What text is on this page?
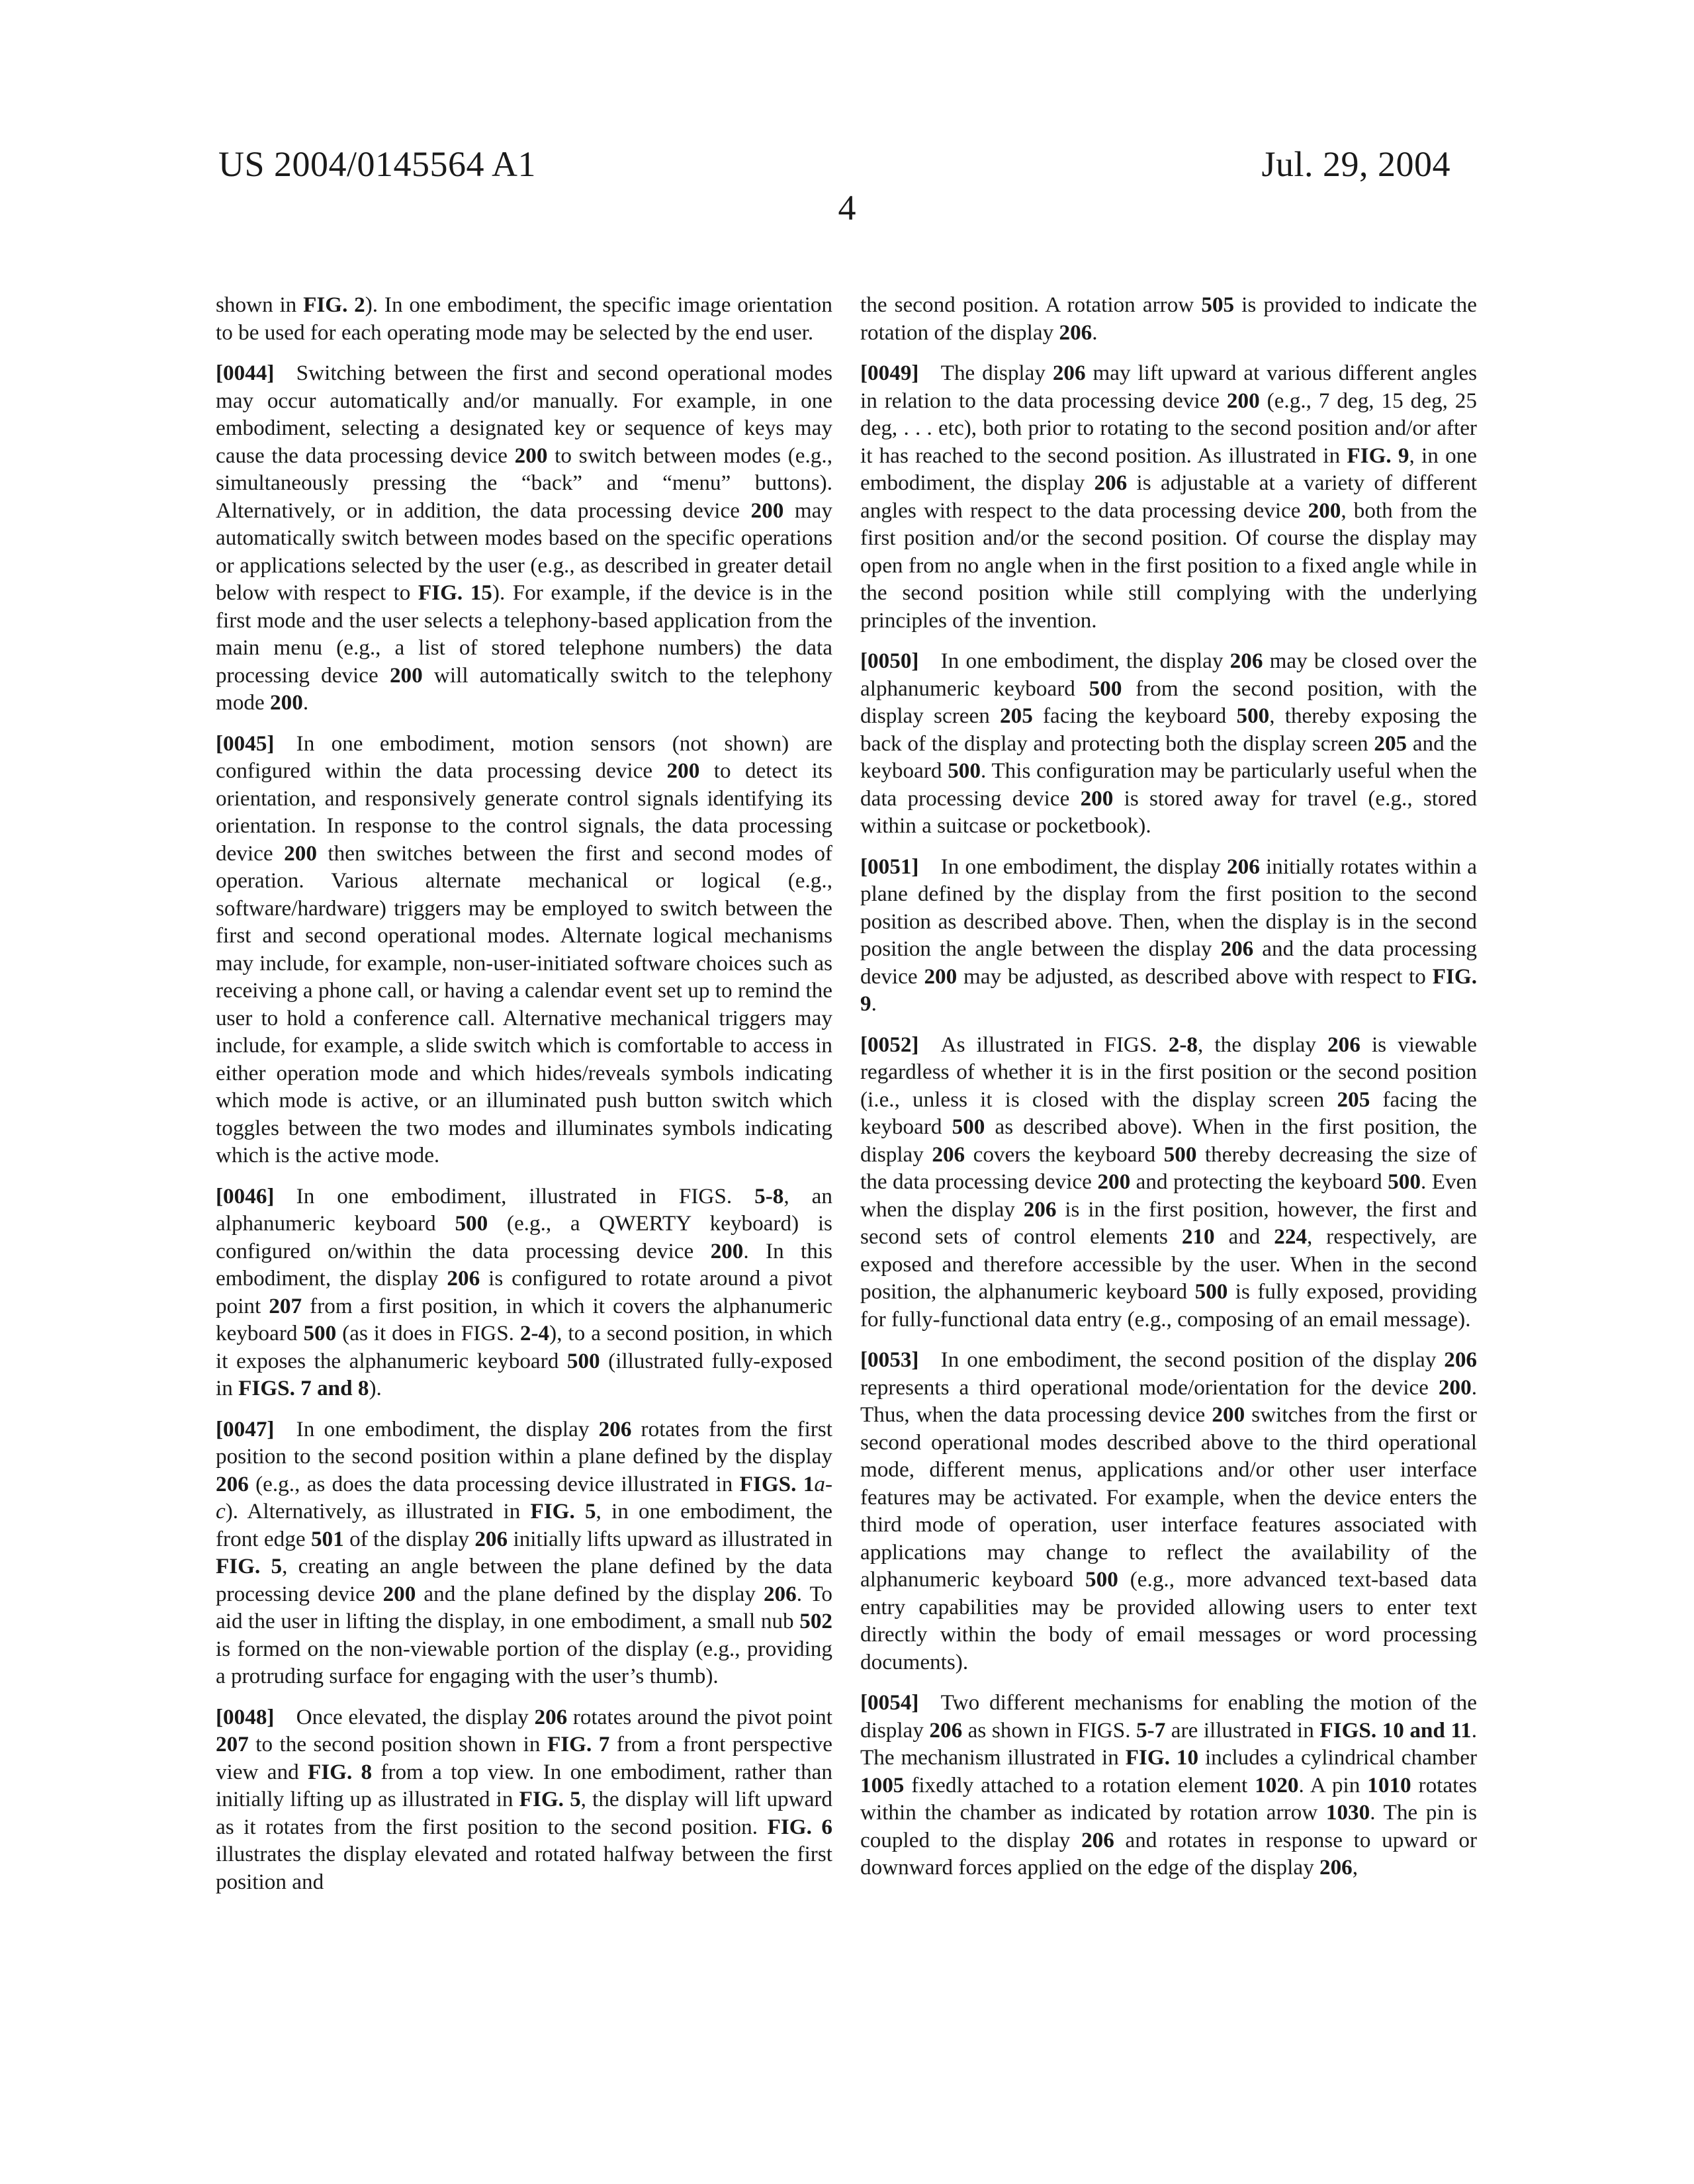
US 2004/0145564 A1	Jul. 29, 2004
4

shown in FIG. 2). In one embodiment, the specific image orientation to be used for each operating mode may be selected by the end user.

[0044]  Switching between the first and second operational modes may occur automatically and/or manually. For example, in one embodiment, selecting a designated key or sequence of keys may cause the data processing device 200 to switch between modes (e.g., simultaneously pressing the “back” and “menu” buttons). Alternatively, or in addition, the data processing device 200 may automatically switch between modes based on the specific operations or applications selected by the user (e.g., as described in greater detail below with respect to FIG. 15). For example, if the device is in the first mode and the user selects a telephony-based application from the main menu (e.g., a list of stored telephone numbers) the data processing device 200 will automatically switch to the telephony mode 200.

[0045]  In one embodiment, motion sensors (not shown) are configured within the data processing device 200 to detect its orientation, and responsively generate control signals identifying its orientation. In response to the control signals, the data processing device 200 then switches between the first and second modes of operation. Various alternate mechanical or logical (e.g., software/hardware) triggers may be employed to switch between the first and second operational modes. Alternate logical mechanisms may include, for example, non-user-initiated software choices such as receiving a phone call, or having a calendar event set up to remind the user to hold a conference call. Alternative mechanical triggers may include, for example, a slide switch which is comfortable to access in either operation mode and which hides/reveals symbols indicating which mode is active, or an illuminated push button switch which toggles between the two modes and illuminates symbols indicating which is the active mode.

[0046]  In one embodiment, illustrated in FIGS. 5-8, an alphanumeric keyboard 500 (e.g., a QWERTY keyboard) is configured on/within the data processing device 200. In this embodiment, the display 206 is configured to rotate around a pivot point 207 from a first position, in which it covers the alphanumeric keyboard 500 (as it does in FIGS. 2-4), to a second position, in which it exposes the alphanumeric keyboard 500 (illustrated fully-exposed in FIGS. 7 and 8).

[0047]  In one embodiment, the display 206 rotates from the first position to the second position within a plane defined by the display 206 (e.g., as does the data processing device illustrated in FIGS. 1a-c). Alternatively, as illustrated in FIG. 5, in one embodiment, the front edge 501 of the display 206 initially lifts upward as illustrated in FIG. 5, creating an angle between the plane defined by the data processing device 200 and the plane defined by the display 206. To aid the user in lifting the display, in one embodiment, a small nub 502 is formed on the non-viewable portion of the display (e.g., providing a protruding surface for engaging with the user’s thumb).

[0048]  Once elevated, the display 206 rotates around the pivot point 207 to the second position shown in FIG. 7 from a front perspective view and FIG. 8 from a top view. In one embodiment, rather than initially lifting up as illustrated in FIG. 5, the display will lift upward as it rotates from the first position to the second position. FIG. 6 illustrates the display elevated and rotated halfway between the first position and

the second position. A rotation arrow 505 is provided to indicate the rotation of the display 206.

[0049]  The display 206 may lift upward at various different angles in relation to the data processing device 200 (e.g., 7 deg, 15 deg, 25 deg, . . . etc), both prior to rotating to the second position and/or after it has reached to the second position. As illustrated in FIG. 9, in one embodiment, the display 206 is adjustable at a variety of different angles with respect to the data processing device 200, both from the first position and/or the second position. Of course the display may open from no angle when in the first position to a fixed angle while in the second position while still complying with the underlying principles of the invention.

[0050]  In one embodiment, the display 206 may be closed over the alphanumeric keyboard 500 from the second position, with the display screen 205 facing the keyboard 500, thereby exposing the back of the display and protecting both the display screen 205 and the keyboard 500. This configuration may be particularly useful when the data processing device 200 is stored away for travel (e.g., stored within a suitcase or pocketbook).

[0051]  In one embodiment, the display 206 initially rotates within a plane defined by the display from the first position to the second position as described above. Then, when the display is in the second position the angle between the display 206 and the data processing device 200 may be adjusted, as described above with respect to FIG. 9.

[0052]  As illustrated in FIGS. 2-8, the display 206 is viewable regardless of whether it is in the first position or the second position (i.e., unless it is closed with the display screen 205 facing the keyboard 500 as described above). When in the first position, the display 206 covers the keyboard 500 thereby decreasing the size of the data processing device 200 and protecting the keyboard 500. Even when the display 206 is in the first position, however, the first and second sets of control elements 210 and 224, respectively, are exposed and therefore accessible by the user. When in the second position, the alphanumeric keyboard 500 is fully exposed, providing for fully-functional data entry (e.g., composing of an email message).

[0053]  In one embodiment, the second position of the display 206 represents a third operational mode/orientation for the device 200. Thus, when the data processing device 200 switches from the first or second operational modes described above to the third operational mode, different menus, applications and/or other user interface features may be activated. For example, when the device enters the third mode of operation, user interface features associated with applications may change to reflect the availability of the alphanumeric keyboard 500 (e.g., more advanced text-based data entry capabilities may be provided allowing users to enter text directly within the body of email messages or word processing documents).

[0054]  Two different mechanisms for enabling the motion of the display 206 as shown in FIGS. 5-7 are illustrated in FIGS. 10 and 11. The mechanism illustrated in FIG. 10 includes a cylindrical chamber 1005 fixedly attached to a rotation element 1020. A pin 1010 rotates within the chamber as indicated by rotation arrow 1030. The pin is coupled to the display 206 and rotates in response to upward or downward forces applied on the edge of the display 206,
